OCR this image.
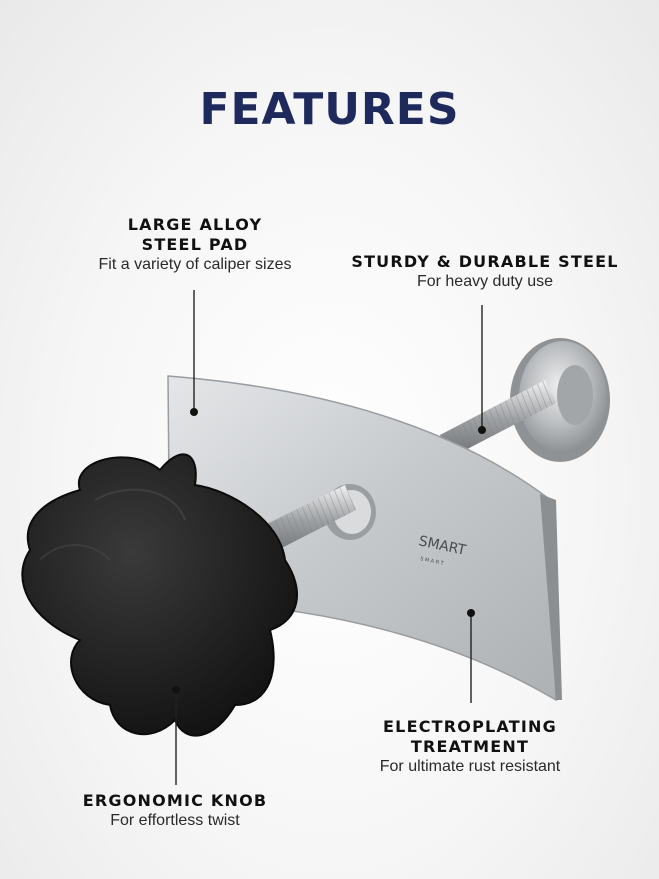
FEATURES
SMART
S M A R T
LARGE ALLOY
STEEL PAD
Fit a variety of caliper sizes	STURDY & DURABLE STEEL
For heavy duty use
ELECTROPLATING
TREATMENT
For ultimate rust resistant
ERGONOMIC KNOB
For effortless twist
